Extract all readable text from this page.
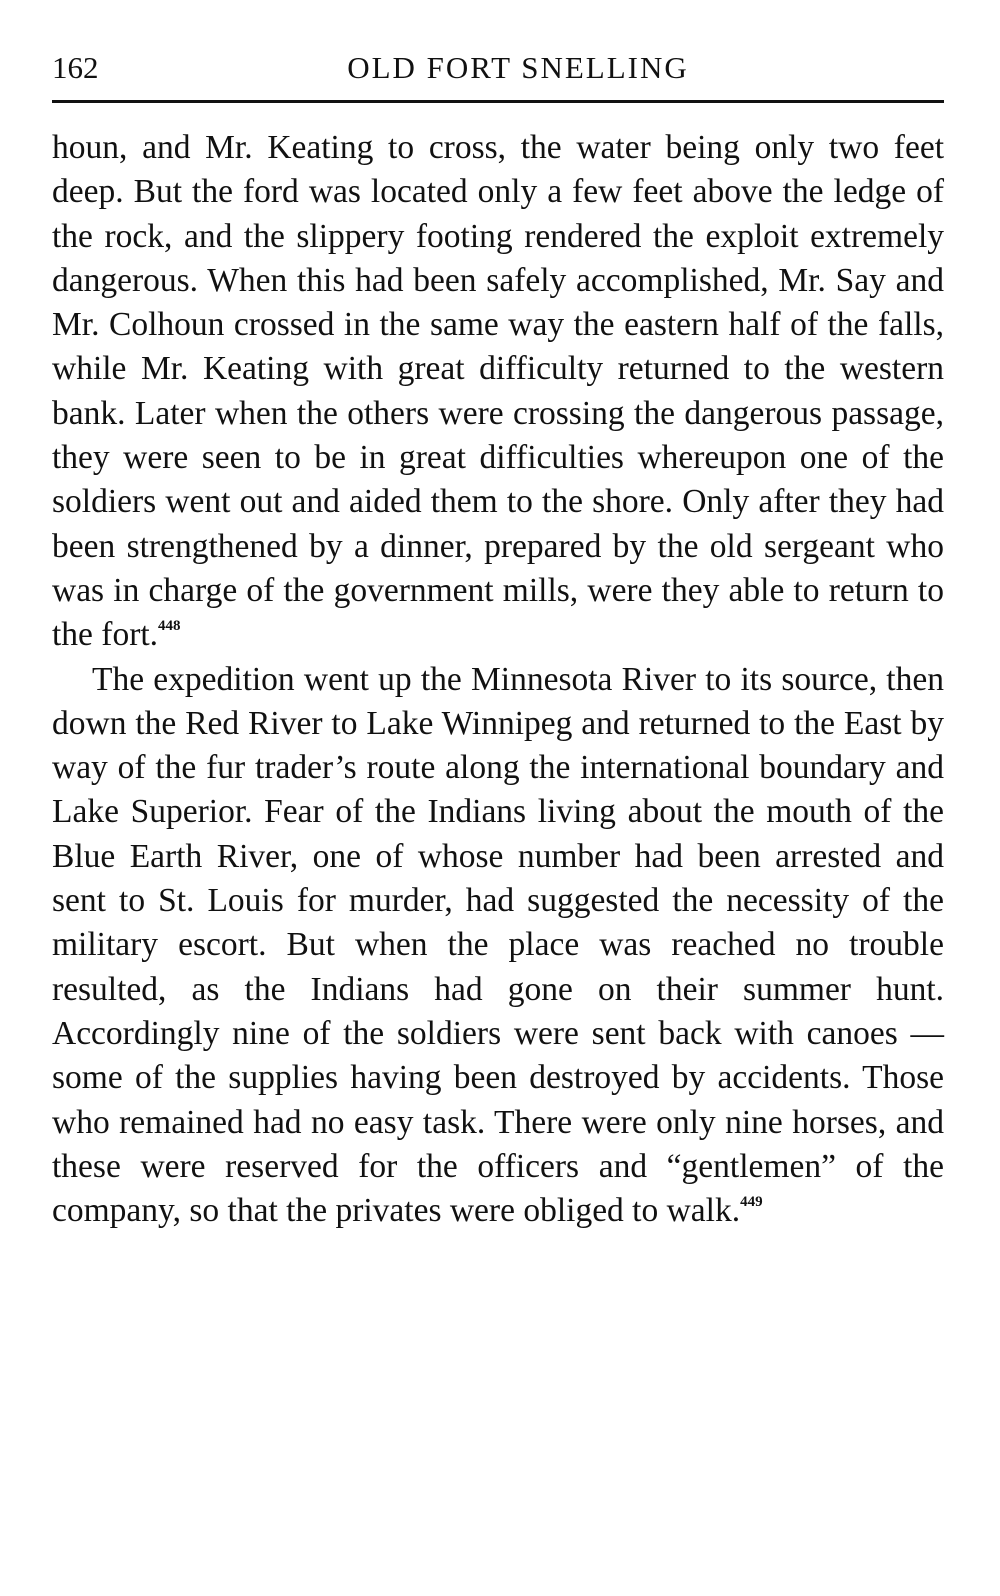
162	OLD FORT SNELLING

houn, and Mr. Keating to cross, the water being only two feet deep. But the ford was located only a few feet above the ledge of the rock, and the slippery footing rendered the exploit extremely dangerous. When this had been safely accomplished, Mr. Say and Mr. Colhoun crossed in the same way the eastern half of the falls, while Mr. Keating with great difficulty returned to the western bank. Later when the others were crossing the dangerous passage, they were seen to be in great difficulties whereupon one of the soldiers went out and aided them to the shore. Only after they had been strengthened by a dinner, prepared by the old sergeant who was in charge of the government mills, were they able to return to the fort.$^{448}$

The expedition went up the Minnesota River to its source, then down the Red River to Lake Winnipeg and returned to the East by way of the fur trader’s route along the international boundary and Lake Superior. Fear of the Indians living about the mouth of the Blue Earth River, one of whose number had been arrested and sent to St. Louis for murder, had suggested the necessity of the military escort. But when the place was reached no trouble resulted, as the Indians had gone on their summer hunt. Accordingly nine of the soldiers were sent back with canoes — some of the supplies having been destroyed by accidents. Those who remained had no easy task. There were only nine horses, and these were reserved for the officers and “gentlemen” of the company, so that the privates were obliged to walk.$^{449}$
